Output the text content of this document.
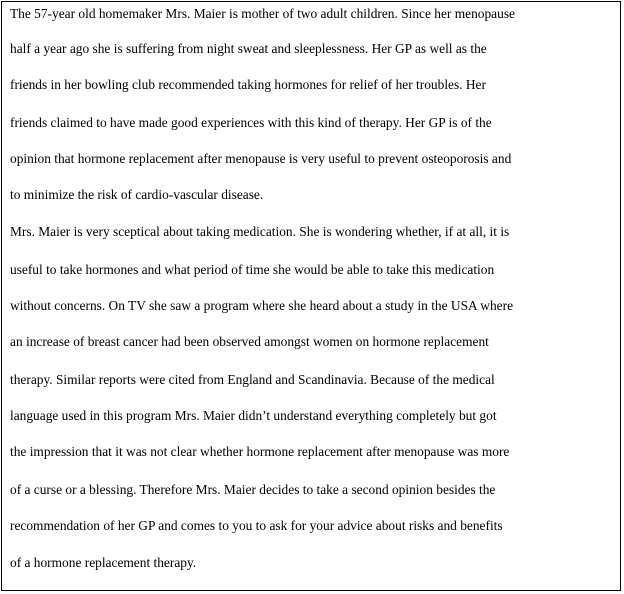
The 57-year old homemaker Mrs. Maier is mother of two adult children. Since her menopause
half a year ago she is suffering from night sweat and sleeplessness. Her GP as well as the
friends in her bowling club recommended taking hormones for relief of her troubles. Her
friends claimed to have made good experiences with this kind of therapy. Her GP is of the
opinion that hormone replacement after menopause is very useful to prevent osteoporosis and
to minimize the risk of cardio-vascular disease.
Mrs. Maier is very sceptical about taking medication. She is wondering whether, if at all, it is
useful to take hormones and what period of time she would be able to take this medication
without concerns. On TV she saw a program where she heard about a study in the USA where
an increase of breast cancer had been observed amongst women on hormone replacement
therapy. Similar reports were cited from England and Scandinavia. Because of the medical
language used in this program Mrs. Maier didn’t understand everything completely but got
the impression that it was not clear whether hormone replacement after menopause was more
of a curse or a blessing. Therefore Mrs. Maier decides to take a second opinion besides the
recommendation of her GP and comes to you to ask for your advice about risks and benefits
of a hormone replacement therapy.
